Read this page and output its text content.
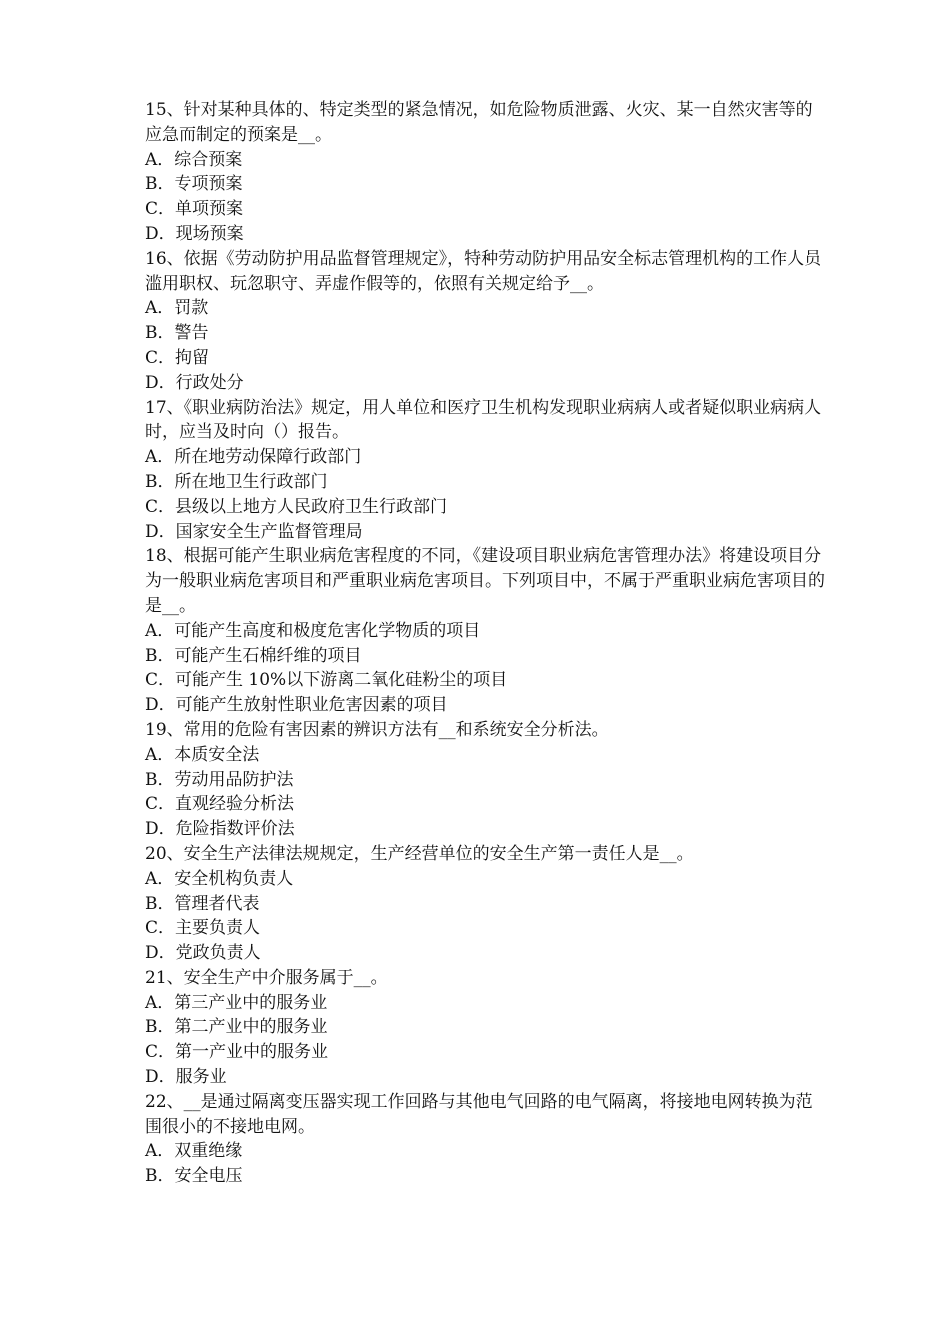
15、针对某种具体的、特定类型的紧急情况，如危险物质泄露、火灾、某一自然灾害等的应急而制定的预案是__。
A．综合预案
B．专项预案
C．单项预案
D．现场预案
16、依据《劳动防护用品监督管理规定》，特种劳动防护用品安全标志管理机构的工作人员滥用职权、玩忽职守、弄虚作假等的，依照有关规定给予__。
A．罚款
B．警告
C．拘留
D．行政处分
17、《职业病防治法》规定，用人单位和医疗卫生机构发现职业病病人或者疑似职业病病人时，应当及时向（）报告。
A．所在地劳动保障行政部门
B．所在地卫生行政部门
C．县级以上地方人民政府卫生行政部门
D．国家安全生产监督管理局
18、根据可能产生职业病危害程度的不同，《建设项目职业病危害管理办法》将建设项目分为一般职业病危害项目和严重职业病危害项目。下列项目中，不属于严重职业病危害项目的是__。
A．可能产生高度和极度危害化学物质的项目
B．可能产生石棉纤维的项目
C．可能产生 10%以下游离二氧化硅粉尘的项目
D．可能产生放射性职业危害因素的项目
19、常用的危险有害因素的辨识方法有__和系统安全分析法。
A．本质安全法
B．劳动用品防护法
C．直观经验分析法
D．危险指数评价法
20、安全生产法律法规规定，生产经营单位的安全生产第一责任人是__。
A．安全机构负责人
B．管理者代表
C．主要负责人
D．党政负责人
21、安全生产中介服务属于__。
A．第三产业中的服务业
B．第二产业中的服务业
C．第一产业中的服务业
D．服务业
22、__是通过隔离变压器实现工作回路与其他电气回路的电气隔离，将接地电网转换为范围很小的不接地电网。
A．双重绝缘
B．安全电压
